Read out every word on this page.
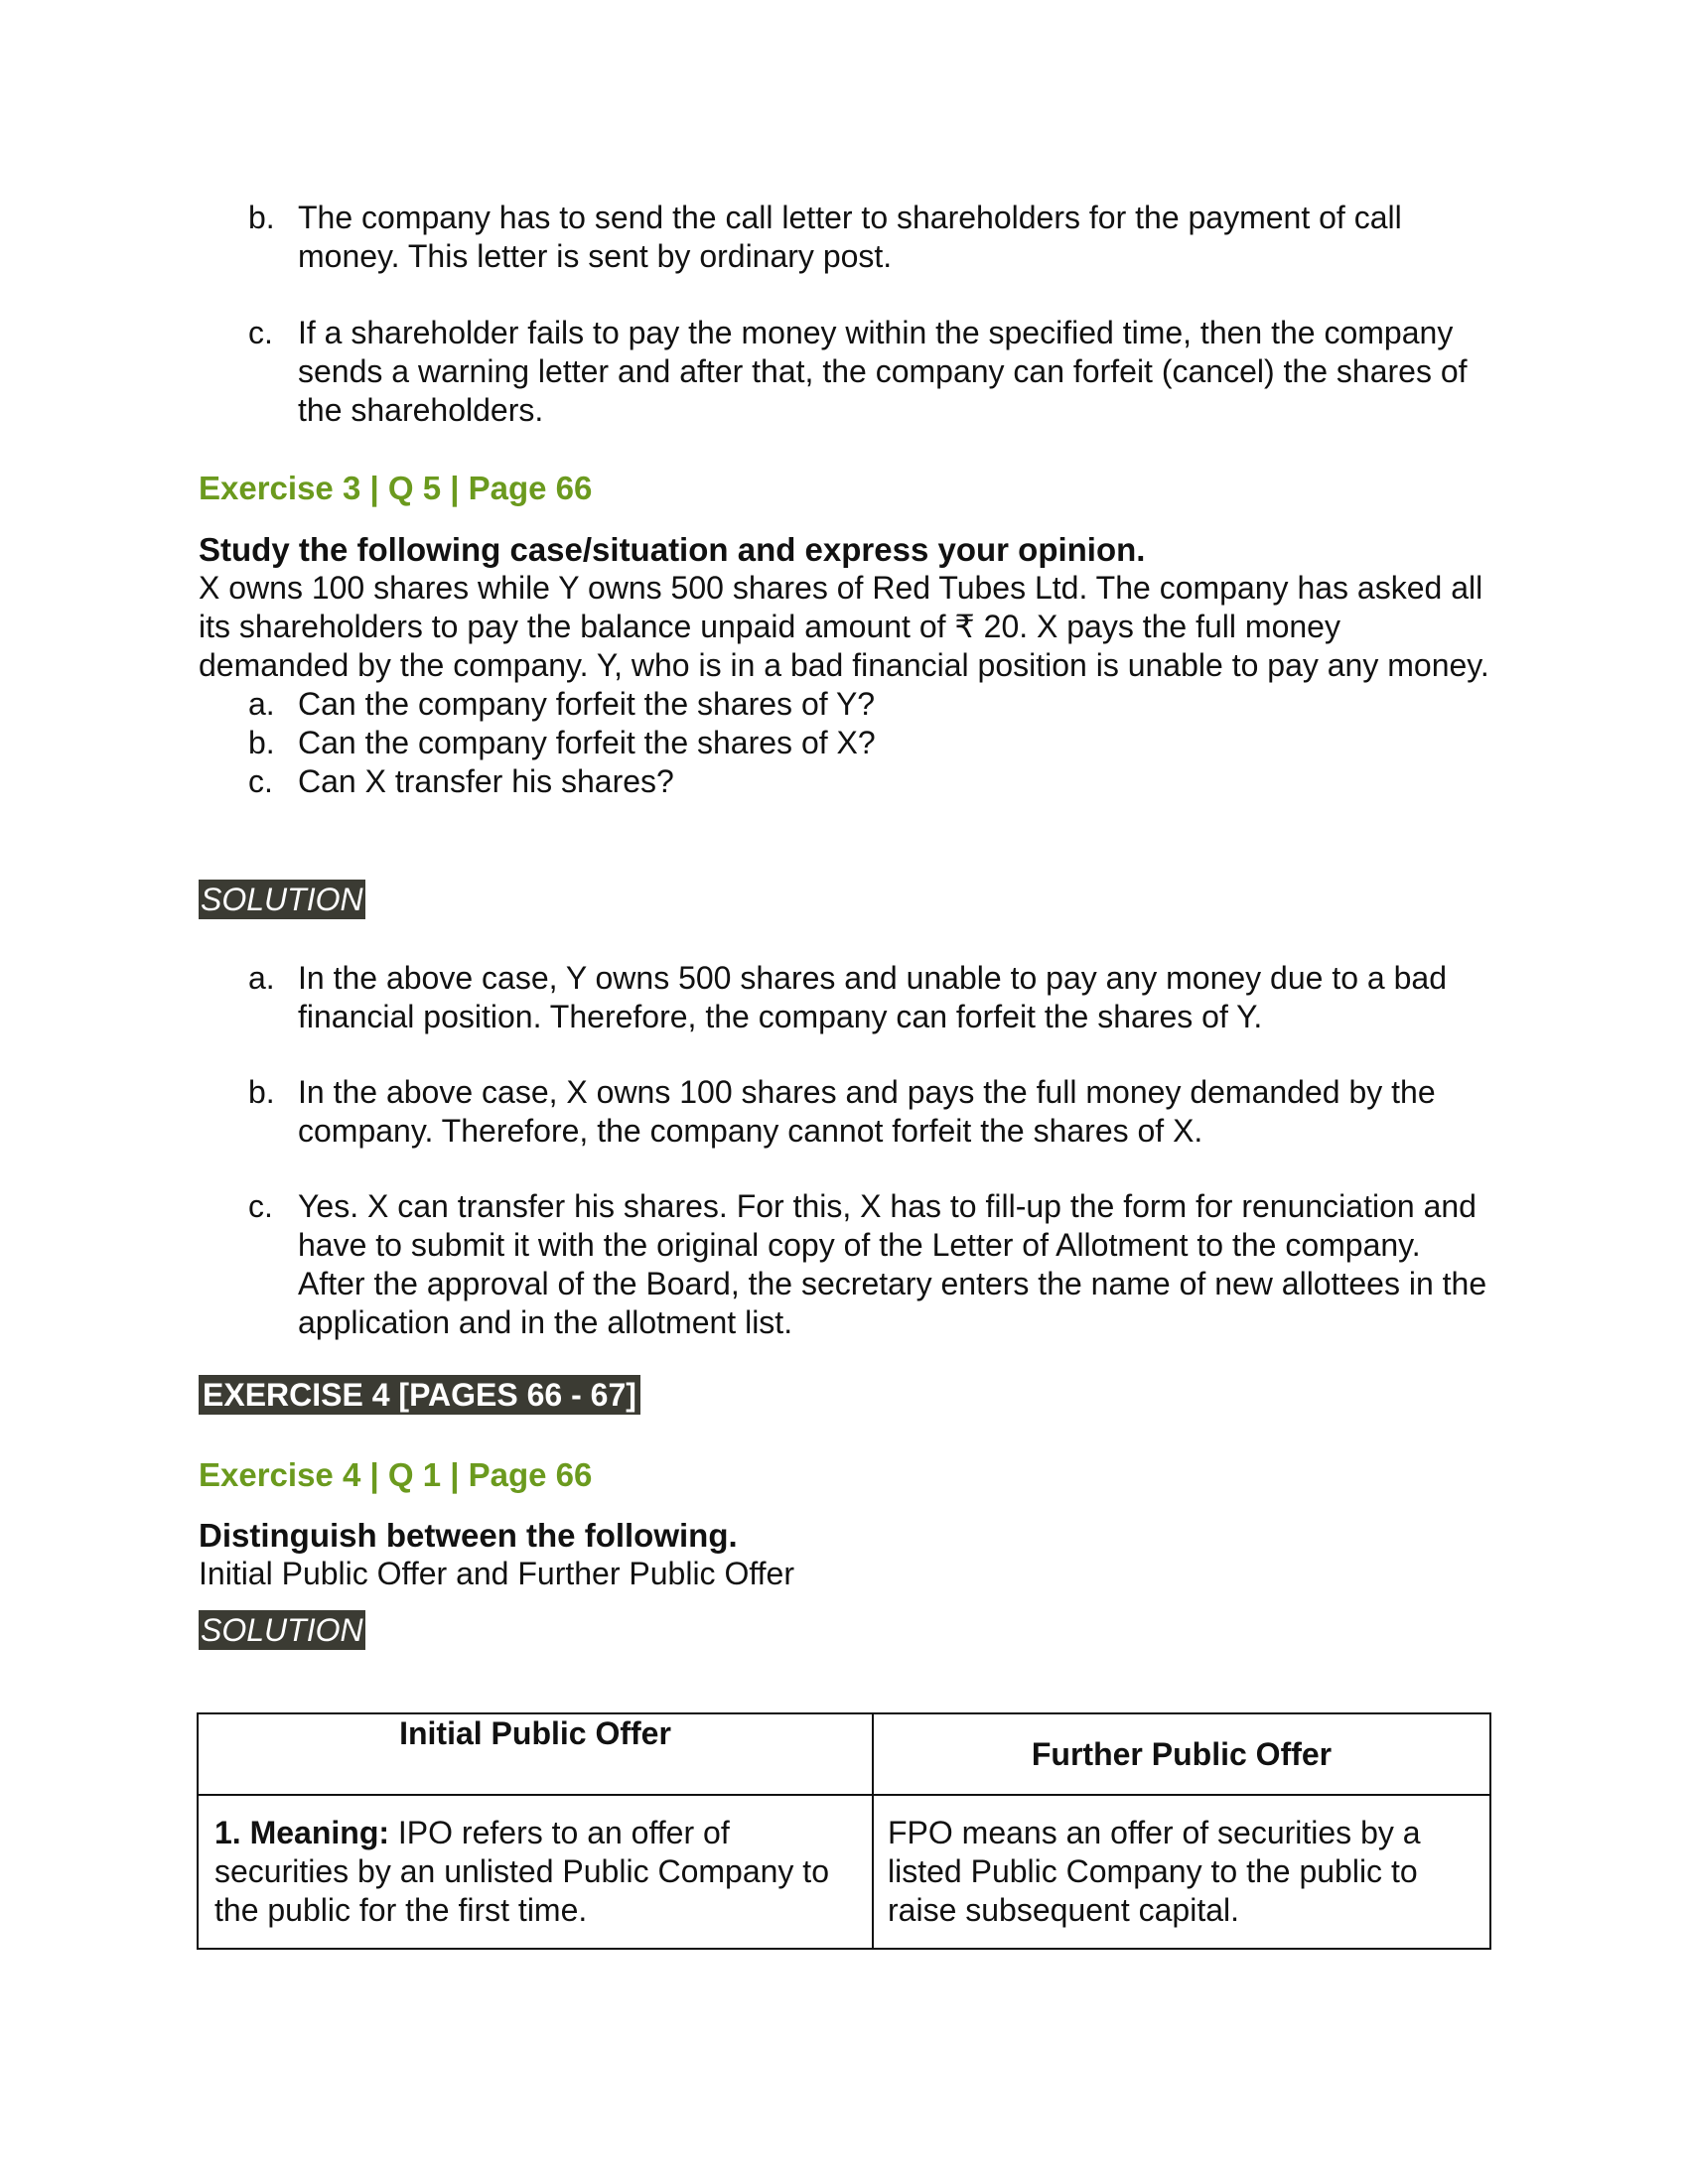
b. The company has to send the call letter to shareholders for the payment of call money. This letter is sent by ordinary post.
c. If a shareholder fails to pay the money within the specified time, then the company sends a warning letter and after that, the company can forfeit (cancel) the shares of the shareholders.
Exercise 3 | Q 5 | Page 66
Study the following case/situation and express your opinion.
X owns 100 shares while Y owns 500 shares of Red Tubes Ltd. The company has asked all its shareholders to pay the balance unpaid amount of ₹ 20. X pays the full money demanded by the company. Y, who is in a bad financial position is unable to pay any money.
a. Can the company forfeit the shares of Y?
b. Can the company forfeit the shares of X?
c. Can X transfer his shares?
SOLUTION
a. In the above case, Y owns 500 shares and unable to pay any money due to a bad financial position. Therefore, the company can forfeit the shares of Y.
b. In the above case, X owns 100 shares and pays the full money demanded by the company. Therefore, the company cannot forfeit the shares of X.
c. Yes. X can transfer his shares. For this, X has to fill-up the form for renunciation and have to submit it with the original copy of the Letter of Allotment to the company. After the approval of the Board, the secretary enters the name of new allottees in the application and in the allotment list.
EXERCISE 4 [PAGES 66 - 67]
Exercise 4 | Q 1 | Page 66
Distinguish between the following.
Initial Public Offer and Further Public Offer
SOLUTION
Initial Public Offer	Further Public Offer
1. Meaning: IPO refers to an offer of securities by an unlisted Public Company to the public for the first time.	FPO means an offer of securities by a listed Public Company to the public to raise subsequent capital.
